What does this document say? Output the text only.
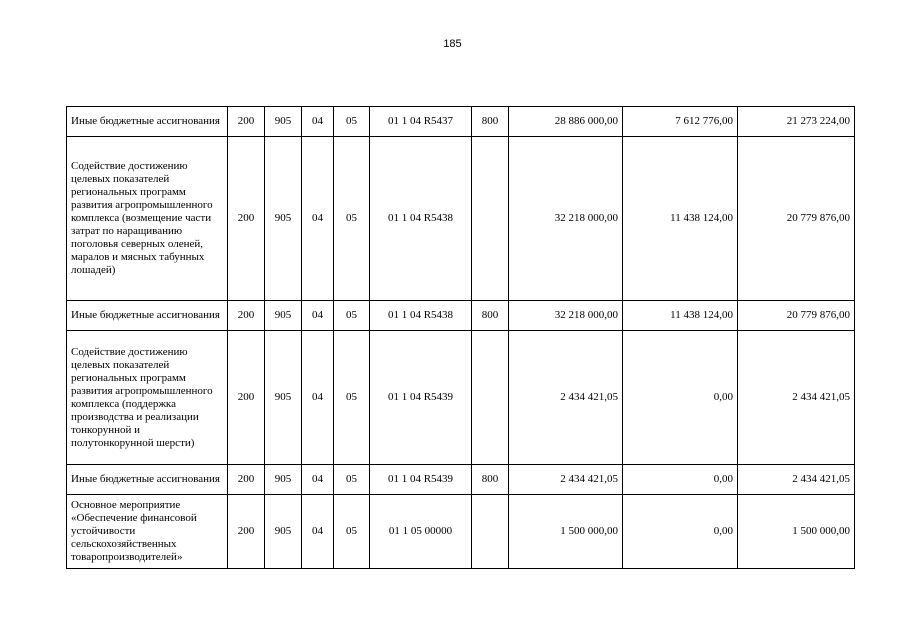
185
Иные бюджетные ассигнования	200	905	04	05	01 1 04 R5437	800	28 886 000,00	7 612 776,00	21 273 224,00
Содействие достижению целевых показателей региональных программ развития агропромышленного комплекса (возмещение части затрат по наращиванию поголовья северных оленей, маралов и мясных табунных лошадей)	200	905	04	05	01 1 04 R5438		32 218 000,00	11 438 124,00	20 779 876,00
Иные бюджетные ассигнования	200	905	04	05	01 1 04 R5438	800	32 218 000,00	11 438 124,00	20 779 876,00
Содействие достижению целевых показателей региональных программ развития агропромышленного комплекса (поддержка производства и реализации тонкорунной и полутонкорунной шерсти)	200	905	04	05	01 1 04 R5439		2 434 421,05	0,00	2 434 421,05
Иные бюджетные ассигнования	200	905	04	05	01 1 04 R5439	800	2 434 421,05	0,00	2 434 421,05
Основное мероприятие «Обеспечение финансовой устойчивости сельскохозяйственных товаропроизводителей»	200	905	04	05	01 1 05 00000		1 500 000,00	0,00	1 500 000,00
